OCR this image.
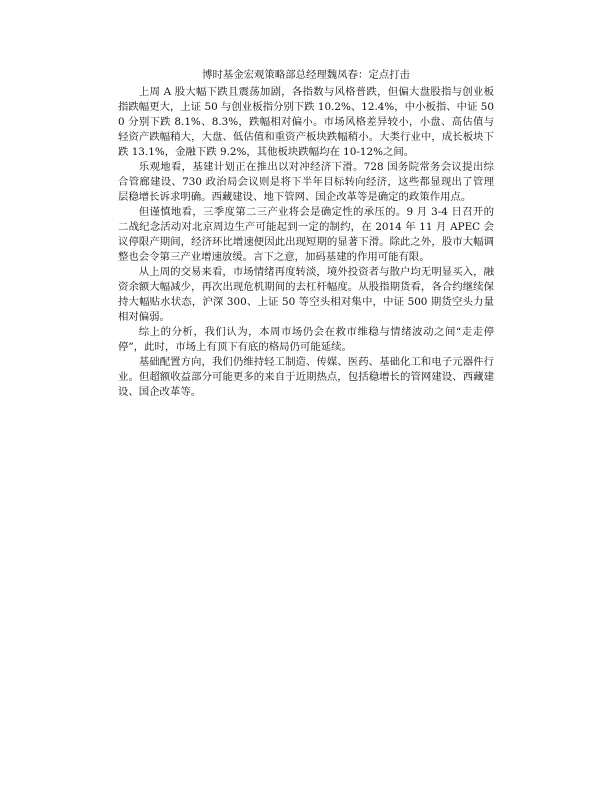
博时基金宏观策略部总经理魏凤春：定点打击

上周 A 股大幅下跌且震荡加剧，各指数与风格普跌，但偏大盘股指与创业板指跌幅更大，上证 50 与创业板指分别下跌 10.2%、12.4%，中小板指、中证 500 分别下跌 8.1%、8.3%，跌幅相对偏小。市场风格差异较小，小盘、高估值与轻资产跌幅稍大，大盘、低估值和重资产板块跌幅稍小。大类行业中，成长板块下跌 13.1%，金融下跌 9.2%，其他板块跌幅均在 10-12%之间。

乐观地看，基建计划正在推出以对冲经济下滑。728 国务院常务会议提出综合管廊建设、730 政治局会议则是将下半年目标转向经济，这些都显现出了管理层稳增长诉求明确。西藏建设、地下管网、国企改革等是确定的政策作用点。

但谨慎地看，三季度第二三产业将会是确定性的承压的。9 月 3-4 日召开的二战纪念活动对北京周边生产可能起到一定的制约，在 2014 年 11 月 APEC 会议停限产期间，经济环比增速便因此出现短期的显著下滑。除此之外，股市大幅调整也会令第三产业增速放缓。言下之意，加码基建的作用可能有限。

从上周的交易来看，市场情绪再度转淡，境外投资者与散户均无明显买入，融资余额大幅减少，再次出现危机期间的去杠杆幅度。从股指期货看，各合约继续保持大幅贴水状态，沪深 300、上证 50 等空头相对集中，中证 500 期货空头力量相对偏弱。

综上的分析，我们认为，本周市场仍会在救市维稳与情绪波动之间“走走停停”，此时，市场上有顶下有底的格局仍可能延续。

基础配置方向，我们仍维持轻工制造、传媒、医药、基础化工和电子元器件行业。但超额收益部分可能更多的来自于近期热点，包括稳增长的管网建设、西藏建设、国企改革等。
